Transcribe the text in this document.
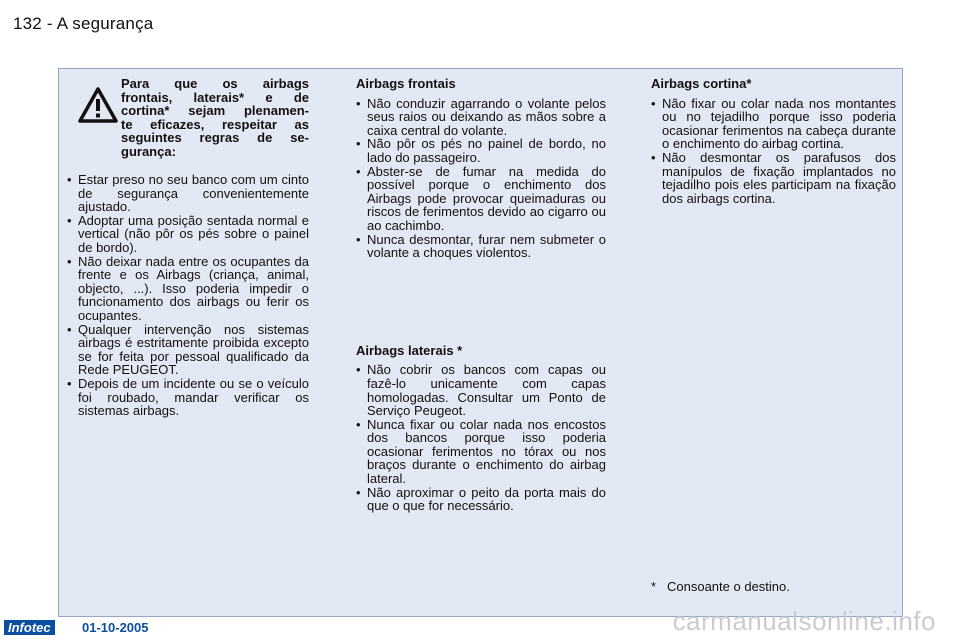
132 - A segurança
Para que os airbags
frontais, laterais* e de
cortina* sejam plenamen-
te eficazes, respeitar as
seguintes regras de se-
gurança:
• Estar preso no seu banco com um cinto de segurança convenientemente ajustado.
• Adoptar uma posição sentada normal e vertical (não pôr os pés sobre o painel de bordo).
• Não deixar nada entre os ocupantes da frente e os Airbags (criança, animal, objecto, ...). Isso poderia impedir o funcionamento dos airbags ou ferir os ocupantes.
• Qualquer intervenção nos sistemas airbags é estritamente proibida excepto se for feita por pessoal qualificado da Rede PEUGEOT.
• Depois de um incidente ou se o veículo foi roubado, mandar verificar os sistemas airbags.
Airbags frontais
• Não conduzir agarrando o volante pelos seus raios ou deixando as mãos sobre a caixa central do volante.
• Não pôr os pés no painel de bordo, no lado do passageiro.
• Abster-se de fumar na medida do possível porque o enchimento dos Airbags pode provocar queimaduras ou riscos de ferimentos devido ao cigarro ou ao cachimbo.
• Nunca desmontar, furar nem submeter o volante a choques violentos.
Airbags laterais *
• Não cobrir os bancos com capas ou fazê-lo unicamente com capas homologadas. Consultar um Ponto de Serviço Peugeot.
• Nunca fixar ou colar nada nos encostos dos bancos porque isso poderia ocasionar ferimentos no tórax ou nos braços durante o enchimento do airbag lateral.
• Não aproximar o peito da porta mais do que o que for necessário.
Airbags cortina*
• Não fixar ou colar nada nos montantes ou no tejadilho porque isso poderia ocasionar ferimentos na cabeça durante o enchimento do airbag cortina.
• Não desmontar os parafusos dos manípulos de fixação implantados no tejadilho pois eles participam na fixação dos airbags cortina.
* Consoante o destino.
Infotec	01-10-2005	carmanualsonline.info
